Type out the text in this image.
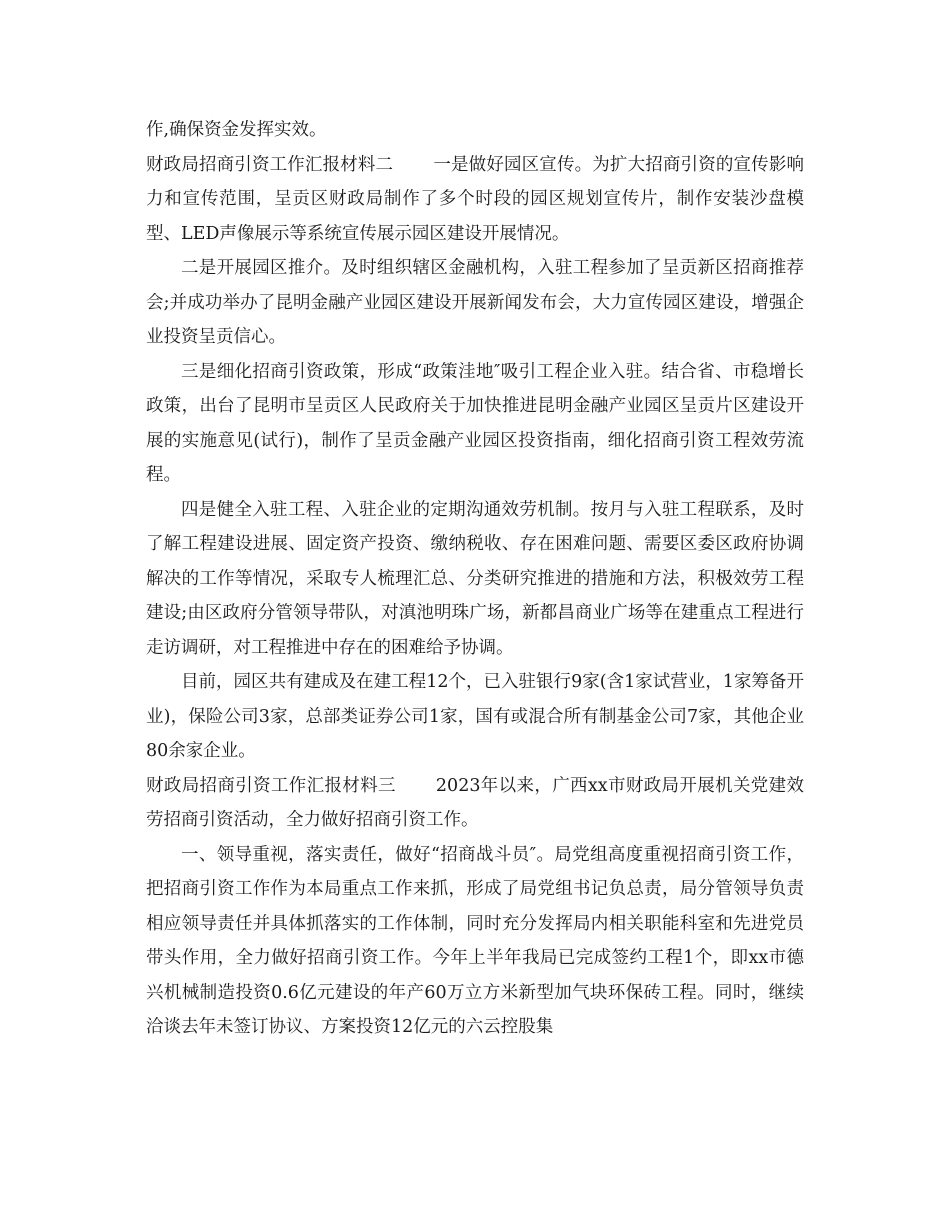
作,确保资金发挥实效。

财政局招商引资工作汇报材料二 一是做好园区宣传。为扩大招商引资的宣传影响力和宣传范围，呈贡区财政局制作了多个时段的园区规划宣传片，制作安装沙盘模型、LED声像展示等系统宣传展示园区建设开展情况。

二是开展园区推介。及时组织辖区金融机构，入驻工程参加了呈贡新区招商推荐会;并成功举办了昆明金融产业园区建设开展新闻发布会，大力宣传园区建设，增强企业投资呈贡信心。

三是细化招商引资政策，形成“政策洼地″吸引工程企业入驻。结合省、市稳增长政策，出台了昆明市呈贡区人民政府关于加快推进昆明金融产业园区呈贡片区建设开展的实施意见(试行)，制作了呈贡金融产业园区投资指南，细化招商引资工程效劳流程。

四是健全入驻工程、入驻企业的定期沟通效劳机制。按月与入驻工程联系，及时了解工程建设进展、固定资产投资、缴纳税收、存在困难问题、需要区委区政府协调解决的工作等情况，采取专人梳理汇总、分类研究推进的措施和方法，积极效劳工程建设;由区政府分管领导带队，对滇池明珠广场，新都昌商业广场等在建重点工程进行走访调研，对工程推进中存在的困难给予协调。

目前，园区共有建成及在建工程12个，已入驻银行9家(含1家试营业，1家筹备开业)，保险公司3家，总部类证券公司1家，国有或混合所有制基金公司7家，其他企业80余家企业。

财政局招商引资工作汇报材料三 2023年以来，广西xx市财政局开展机关党建效劳招商引资活动，全力做好招商引资工作。

一、领导重视，落实责任，做好“招商战斗员″。局党组高度重视招商引资工作，把招商引资工作作为本局重点工作来抓，形成了局党组书记负总责，局分管领导负责相应领导责任并具体抓落实的工作体制，同时充分发挥局内相关职能科室和先进党员带头作用，全力做好招商引资工作。今年上半年我局已完成签约工程1个，即xx市德兴机械制造投资0.6亿元建设的年产60万立方米新型加气块环保砖工程。同时，继续洽谈去年未签订协议、方案投资12亿元的六云控股集
